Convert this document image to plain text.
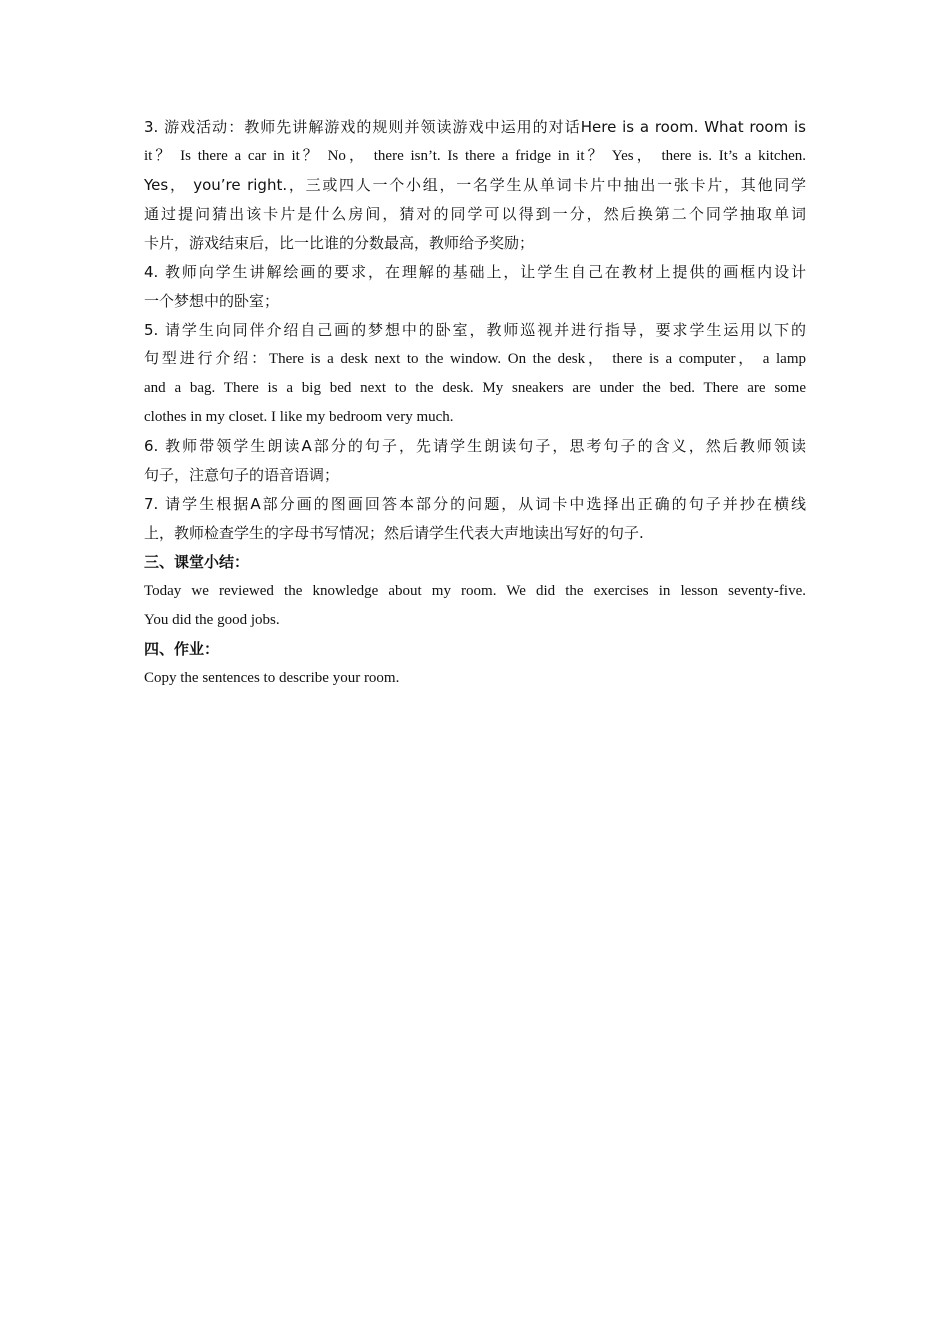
3. 游戏活动：教师先讲解游戏的规则并领读游戏中运用的对话Here is a room. What room is
it？ Is there a car in it？ No， there isn’t. Is there a fridge in it？ Yes， there is. It’s a kitchen.
Yes， you’re right.，三或四人一个小组，一名学生从单词卡片中抽出一张卡片，其他同学
通过提问猜出该卡片是什么房间，猜对的同学可以得到一分，然后换第二个同学抽取单词
卡片，游戏结束后，比一比谁的分数最高，教师给予奖励；
4. 教师向学生讲解绘画的要求，在理解的基础上，让学生自己在教材上提供的画框内设计
一个梦想中的卧室；
5. 请学生向同伴介绍自己画的梦想中的卧室，教师巡视并进行指导，要求学生运用以下的
句型进行介绍：There is a desk next to the window. On the desk， there is a computer， a lamp
and a bag. There is a big bed next to the desk. My sneakers are under the bed. There are some
clothes in my closet. I like my bedroom very much.
6. 教师带领学生朗读A部分的句子，先请学生朗读句子，思考句子的含义，然后教师领读
句子，注意句子的语音语调；
7. 请学生根据A部分画的图画回答本部分的问题，从词卡中选择出正确的句子并抄在横线
上，教师检查学生的字母书写情况；然后请学生代表大声地读出写好的句子.
三、课堂小结：
Today we reviewed the knowledge about my room. We did the exercises in lesson seventy-five.
You did the good jobs.
四、作业：
Copy the sentences to describe your room.
